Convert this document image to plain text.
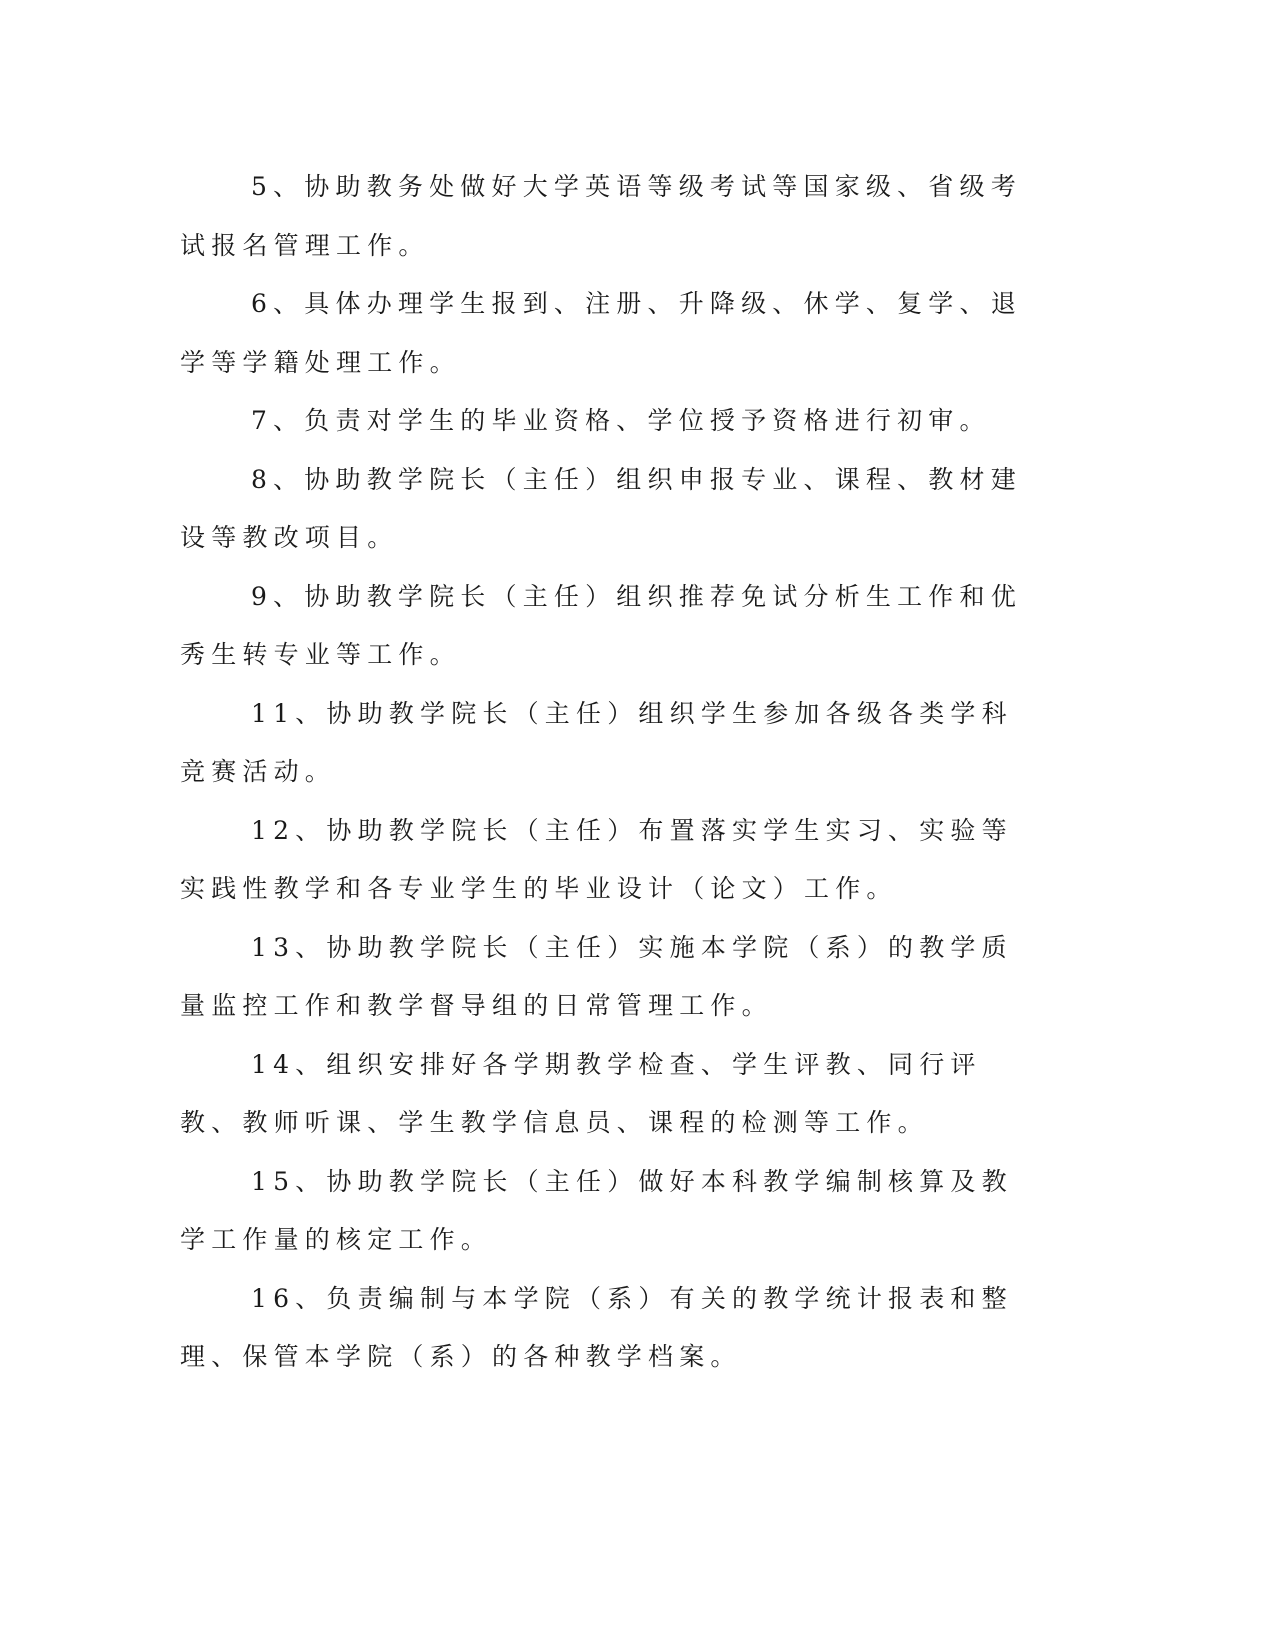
5、协助教务处做好大学英语等级考试等国家级、省级考试报名管理工作。

6、具体办理学生报到、注册、升降级、休学、复学、退学等学籍处理工作。

7、负责对学生的毕业资格、学位授予资格进行初审。

8、协助教学院长（主任）组织申报专业、课程、教材建设等教改项目。

9、协助教学院长（主任）组织推荐免试分析生工作和优秀生转专业等工作。

11、协助教学院长（主任）组织学生参加各级各类学科竞赛活动。

12、协助教学院长（主任）布置落实学生实习、实验等实践性教学和各专业学生的毕业设计（论文）工作。

13、协助教学院长（主任）实施本学院（系）的教学质量监控工作和教学督导组的日常管理工作。

14、组织安排好各学期教学检查、学生评教、同行评教、教师听课、学生教学信息员、课程的检测等工作。

15、协助教学院长（主任）做好本科教学编制核算及教学工作量的核定工作。

16、负责编制与本学院（系）有关的教学统计报表和整理、保管本学院（系）的各种教学档案。
